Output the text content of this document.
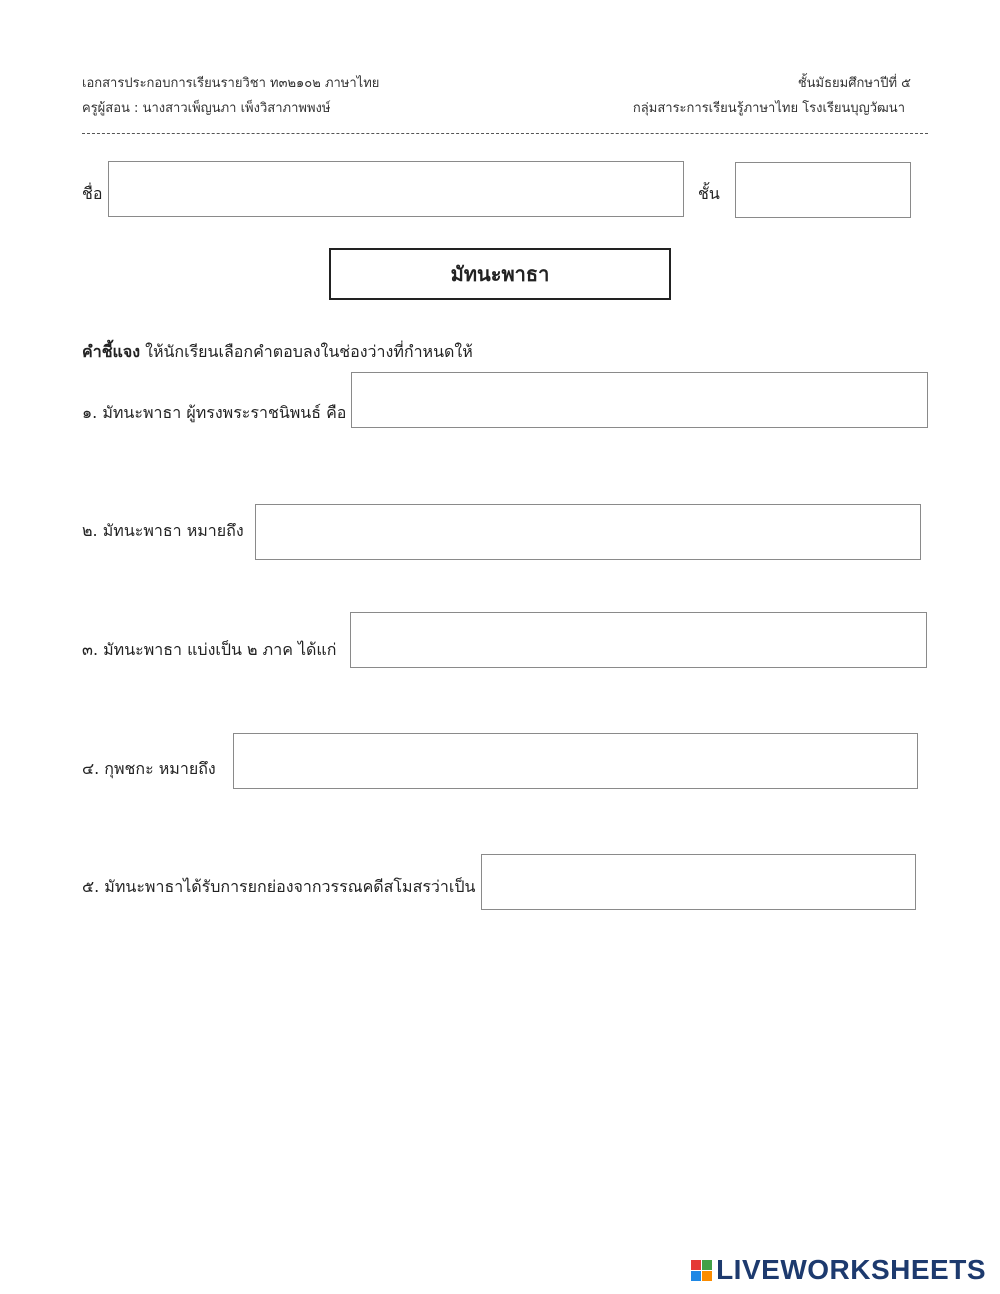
เอกสารประกอบการเรียนรายวิชา ท๓๒๑๐๒ ภาษาไทย
ครูผู้สอน : นางสาวเพ็ญนภา เพ็งวิสาภาพพงษ์
ชั้นมัธยมศึกษาปีที่ ๕
กลุ่มสาระการเรียนรู้ภาษาไทย โรงเรียนบุญวัฒนา
ชื่อ	ชั้น
มัทนะพาธา
คำชี้แจง ให้นักเรียนเลือกคำตอบลงในช่องว่างที่กำหนดให้
๑. มัทนะพาธา ผู้ทรงพระราชนิพนธ์ คือ
๒. มัทนะพาธา หมายถึง
๓. มัทนะพาธา แบ่งเป็น ๒ ภาค ได้แก่
๔. กุพชกะ หมายถึง
๕. มัทนะพาธาได้รับการยกย่องจากวรรณคดีสโมสรว่าเป็น
LIVEWORKSHEETS
